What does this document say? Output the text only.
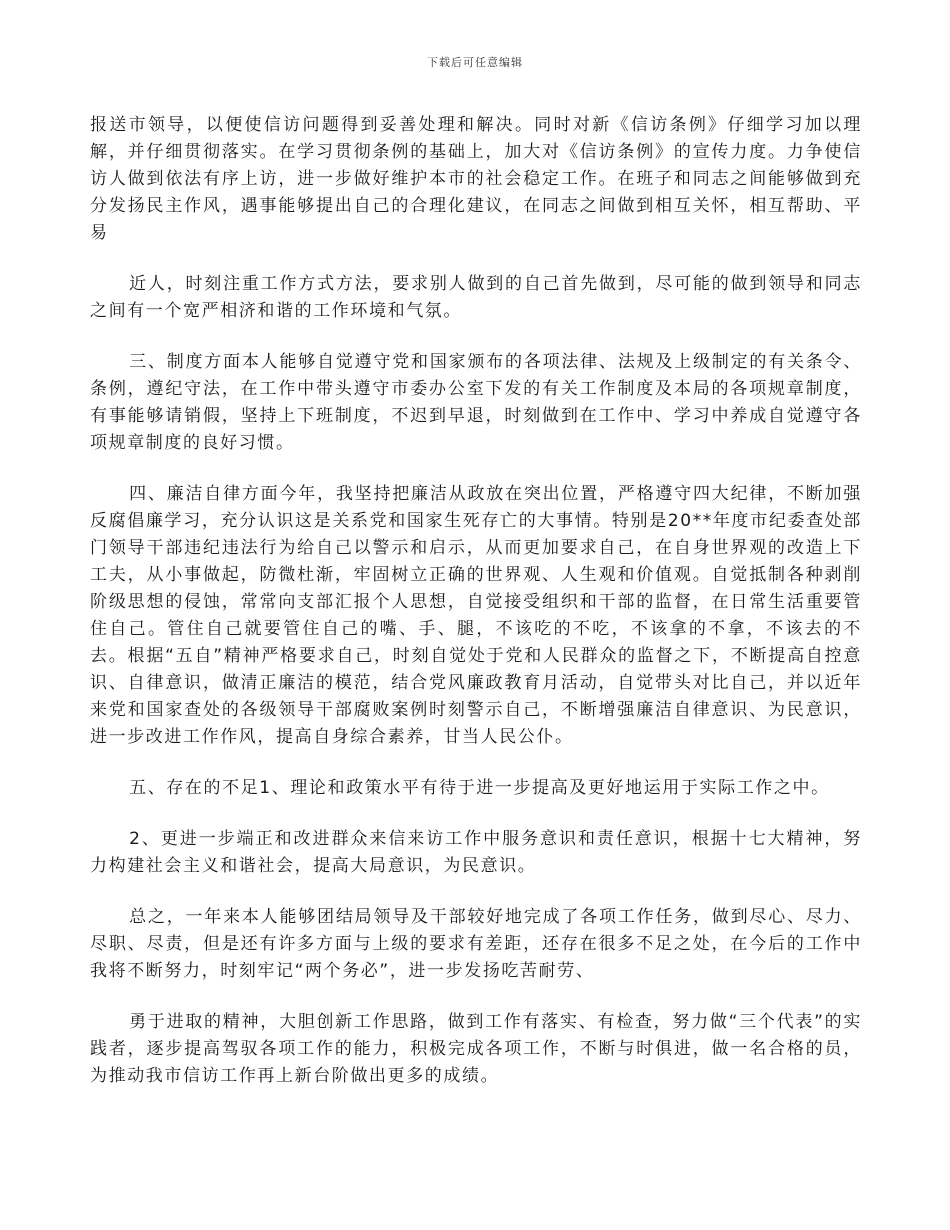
下载后可任意编辑

报送市领导，以便使信访问题得到妥善处理和解决。同时对新《信访条例》仔细学习加以理解，并仔细贯彻落实。在学习贯彻条例的基础上，加大对《信访条例》的宣传力度。力争使信访人做到依法有序上访，进一步做好维护本市的社会稳定工作。在班子和同志之间能够做到充分发扬民主作风，遇事能够提出自己的合理化建议，在同志之间做到相互关怀，相互帮助、平易

近人，时刻注重工作方式方法，要求别人做到的自己首先做到，尽可能的做到领导和同志之间有一个宽严相济和谐的工作环境和气氛。

三、制度方面本人能够自觉遵守党和国家颁布的各项法律、法规及上级制定的有关条令、条例，遵纪守法，在工作中带头遵守市委办公室下发的有关工作制度及本局的各项规章制度，有事能够请销假，坚持上下班制度，不迟到早退，时刻做到在工作中、学习中养成自觉遵守各项规章制度的良好习惯。

四、廉洁自律方面今年，我坚持把廉洁从政放在突出位置，严格遵守四大纪律，不断加强反腐倡廉学习，充分认识这是关系党和国家生死存亡的大事情。特别是20**年度市纪委查处部门领导干部违纪违法行为给自己以警示和启示，从而更加要求自己，在自身世界观的改造上下工夫，从小事做起，防微杜渐，牢固树立正确的世界观、人生观和价值观。自觉抵制各种剥削阶级思想的侵蚀，常常向支部汇报个人思想，自觉接受组织和干部的监督，在日常生活重要管住自己。管住自己就要管住自己的嘴、手、腿，不该吃的不吃，不该拿的不拿，不该去的不去。根据“五自”精神严格要求自己，时刻自觉处于党和人民群众的监督之下，不断提高自控意识、自律意识，做清正廉洁的模范，结合党风廉政教育月活动，自觉带头对比自己，并以近年来党和国家查处的各级领导干部腐败案例时刻警示自己，不断增强廉洁自律意识、为民意识，进一步改进工作作风，提高自身综合素养，甘当人民公仆。

五、存在的不足1、理论和政策水平有待于进一步提高及更好地运用于实际工作之中。

2、更进一步端正和改进群众来信来访工作中服务意识和责任意识，根据十七大精神，努力构建社会主义和谐社会，提高大局意识，为民意识。

总之，一年来本人能够团结局领导及干部较好地完成了各项工作任务，做到尽心、尽力、尽职、尽责，但是还有许多方面与上级的要求有差距，还存在很多不足之处，在今后的工作中我将不断努力，时刻牢记“两个务必”，进一步发扬吃苦耐劳、

勇于进取的精神，大胆创新工作思路，做到工作有落实、有检查，努力做“三个代表”的实践者，逐步提高驾驭各项工作的能力，积极完成各项工作，不断与时俱进，做一名合格的员，为推动我市信访工作再上新台阶做出更多的成绩。
